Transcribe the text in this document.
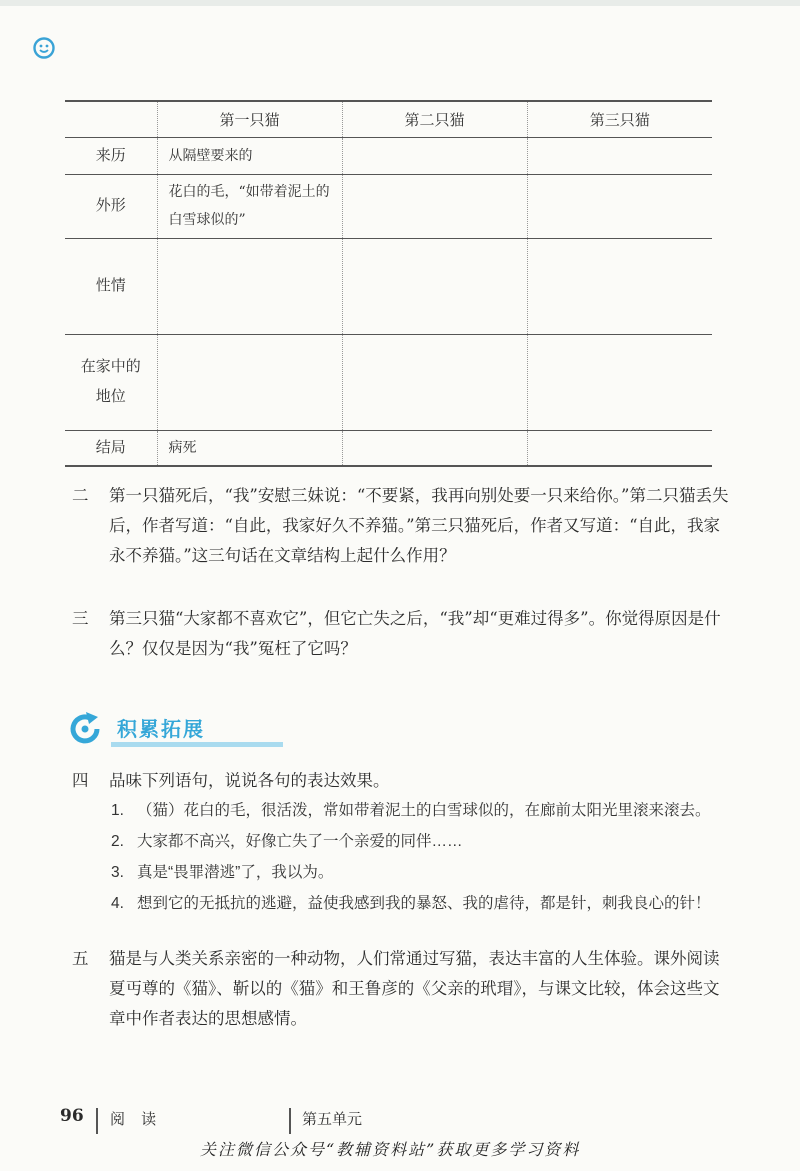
	第一只猫	第二只猫	第三只猫
来历	从隔壁要来的		
外形	花白的毛，“如带着泥土的白雪球似的”		
性情			
在家中的地位			
结局	病死		
二 第一只猫死后，“我”安慰三妹说：“不要紧，我再向别处要一只来给你。”第二只猫丢失后，作者写道：“自此，我家好久不养猫。”第三只猫死后，作者又写道：“自此，我家永不养猫。”这三句话在文章结构上起什么作用？
三 第三只猫“大家都不喜欢它”，但它亡失之后，“我”却“更难过得多”。你觉得原因是什么？仅仅是因为“我”冤枉了它吗？
积累拓展
四 品味下列语句，说说各句的表达效果。
1. （猫）花白的毛，很活泼，常如带着泥土的白雪球似的，在廊前太阳光里滚来滚去。
2. 大家都不高兴，好像亡失了一个亲爱的同伴……
3. 真是“畏罪潜逃”了，我以为。
4. 想到它的无抵抗的逃避，益使我感到我的暴怒、我的虐待，都是针，刺我良心的针！
五 猫是与人类关系亲密的一种动物，人们常通过写猫，表达丰富的人生体验。课外阅读夏丏尊的《猫》、靳以的《猫》和王鲁彦的《父亲的玳瑁》，与课文比较，体会这些文章中作者表达的思想感情。
96 阅 读	第五单元
关注微信公众号“教辅资料站”获取更多学习资料
